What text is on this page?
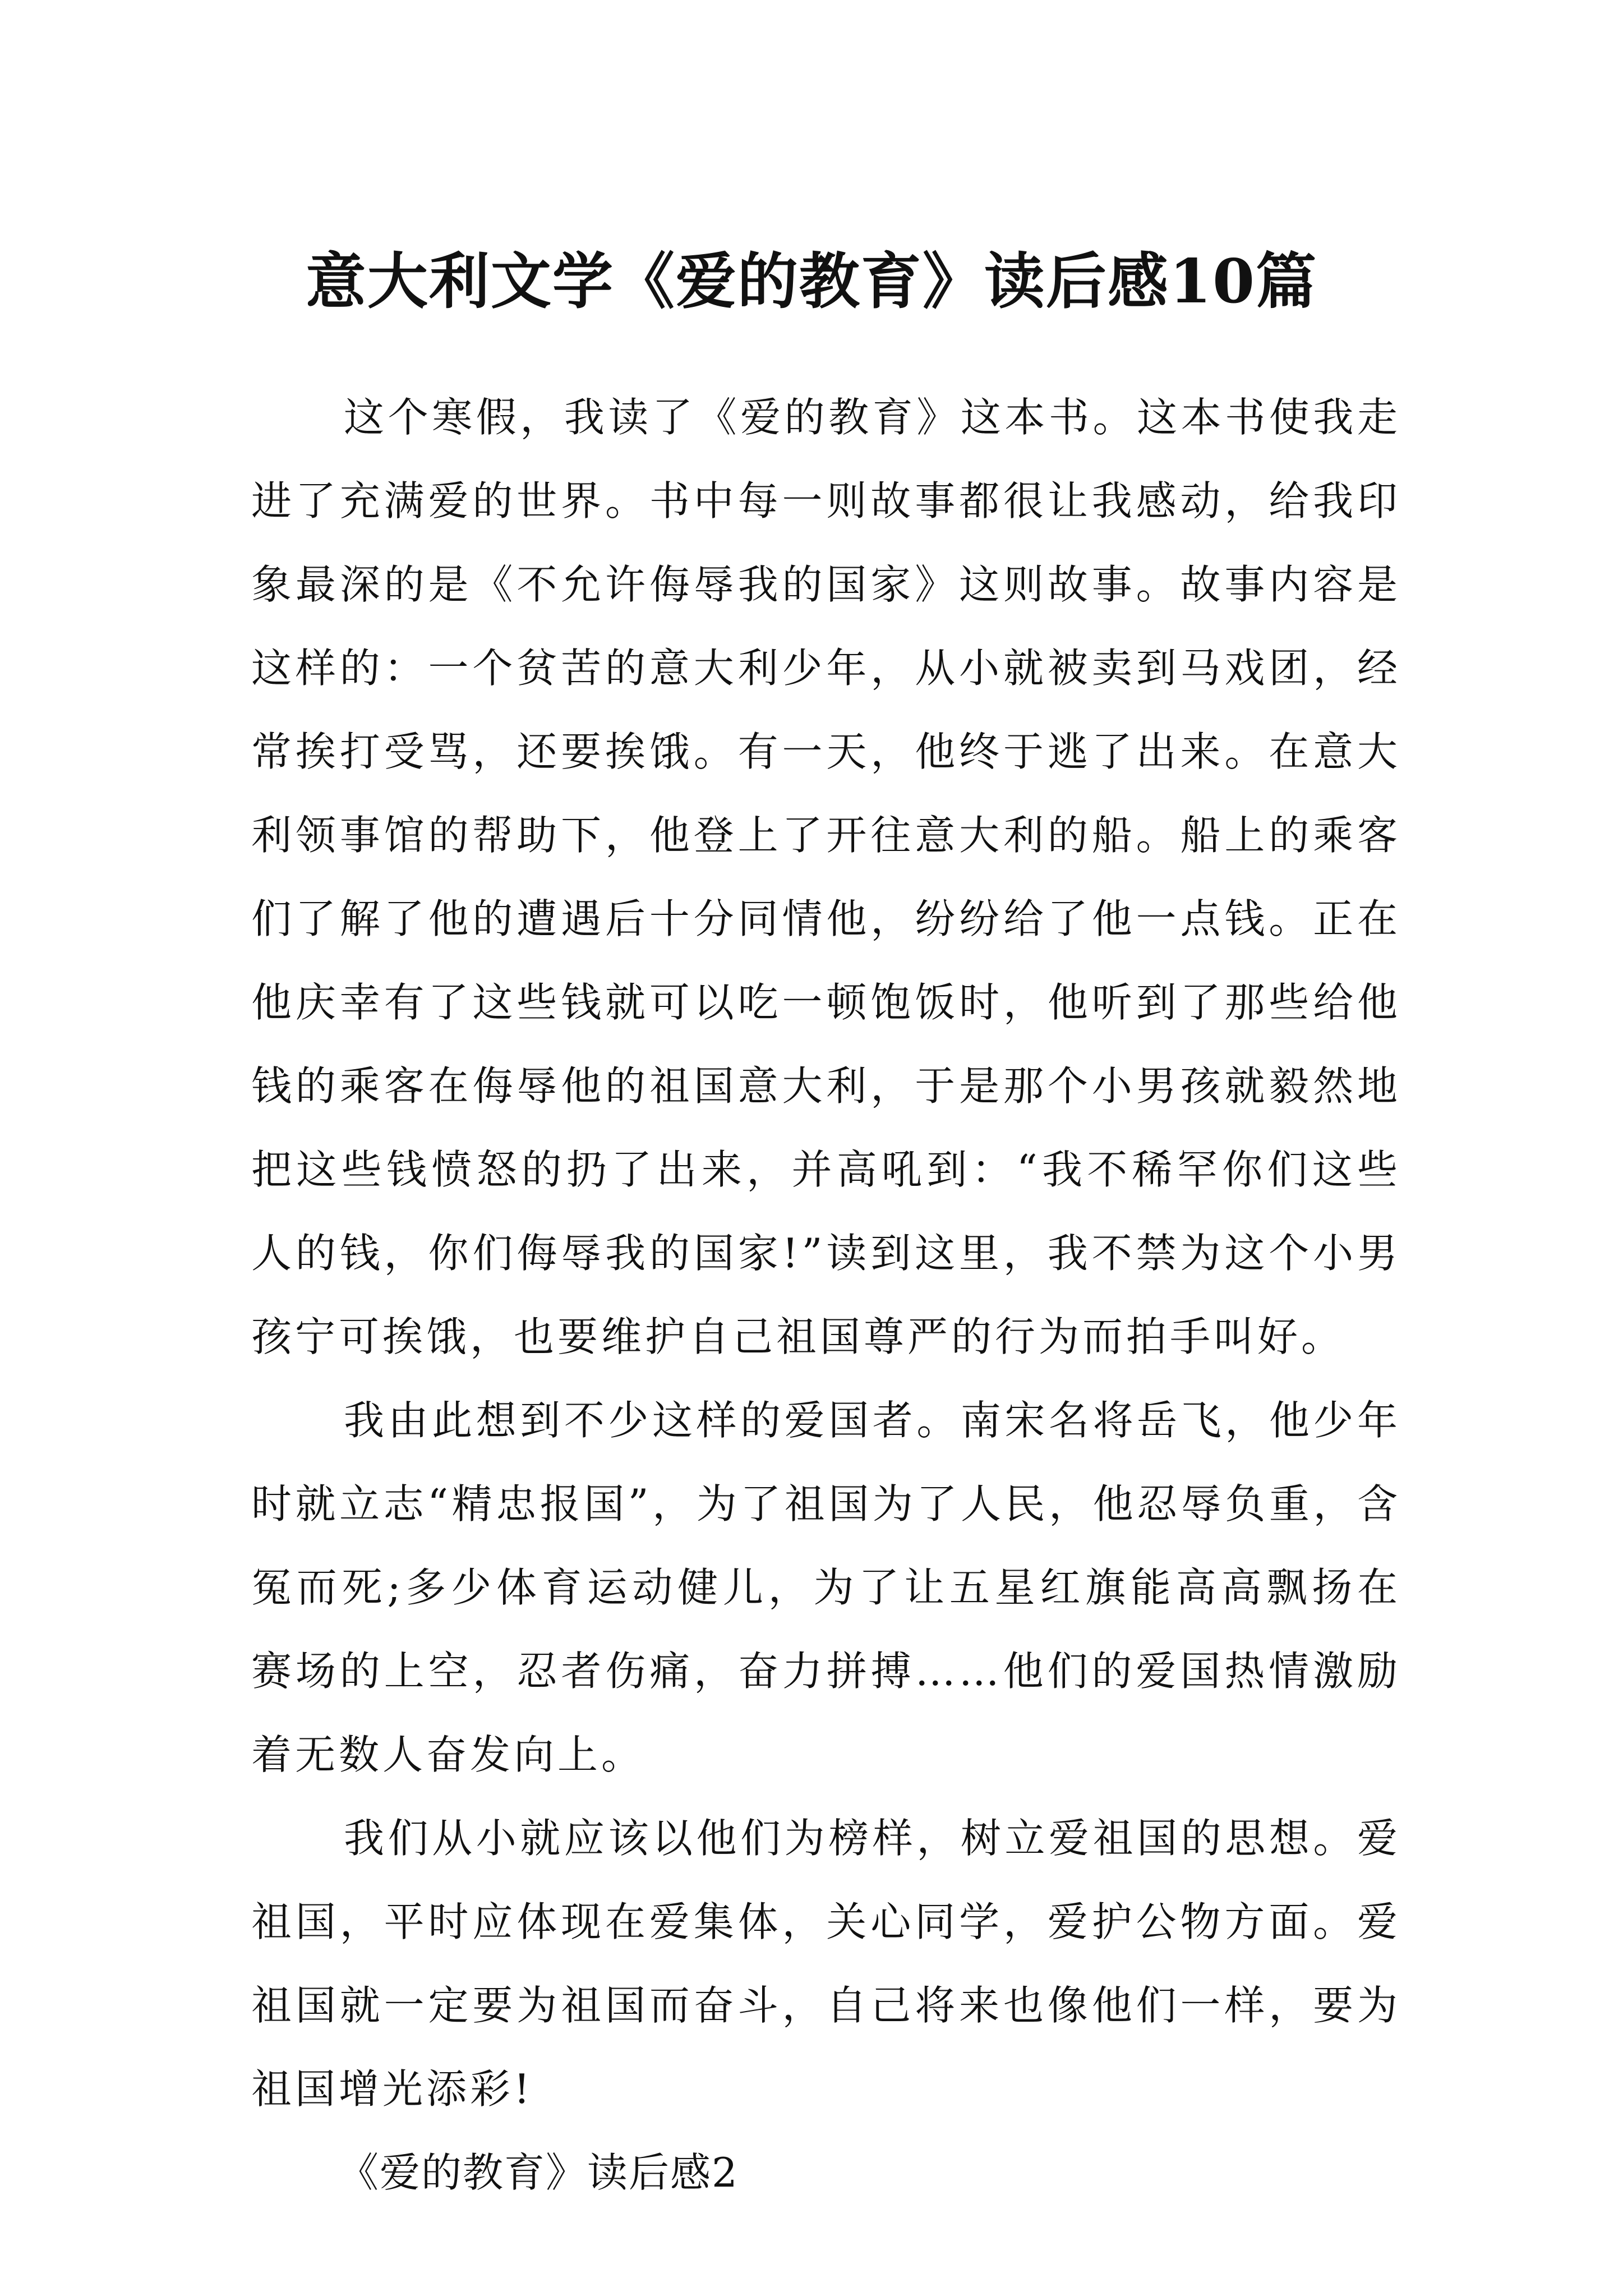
意大利文学《爱的教育》读后感10篇

这个寒假，我读了《爱的教育》这本书。这本书使我走进了充满爱的世界。书中每一则故事都很让我感动，给我印象最深的是《不允许侮辱我的国家》这则故事。故事内容是这样的：一个贫苦的意大利少年，从小就被卖到马戏团，经常挨打受骂，还要挨饿。有一天，他终于逃了出来。在意大利领事馆的帮助下，他登上了开往意大利的船。船上的乘客们了解了他的遭遇后十分同情他，纷纷给了他一点钱。正在他庆幸有了这些钱就可以吃一顿饱饭时，他听到了那些给他钱的乘客在侮辱他的祖国意大利，于是那个小男孩就毅然地把这些钱愤怒的扔了出来，并高吼到：“我不稀罕你们这些人的钱，你们侮辱我的国家!”读到这里，我不禁为这个小男孩宁可挨饿，也要维护自己祖国尊严的行为而拍手叫好。

我由此想到不少这样的爱国者。南宋名将岳飞，他少年时就立志“精忠报国”，为了祖国为了人民，他忍辱负重，含冤而死;多少体育运动健儿，为了让五星红旗能高高飘扬在赛场的上空，忍者伤痛，奋力拼搏……他们的爱国热情激励着无数人奋发向上。

我们从小就应该以他们为榜样，树立爱祖国的思想。爱祖国，平时应体现在爱集体，关心同学，爱护公物方面。爱祖国就一定要为祖国而奋斗，自己将来也像他们一样，要为祖国增光添彩!

《爱的教育》读后感2
